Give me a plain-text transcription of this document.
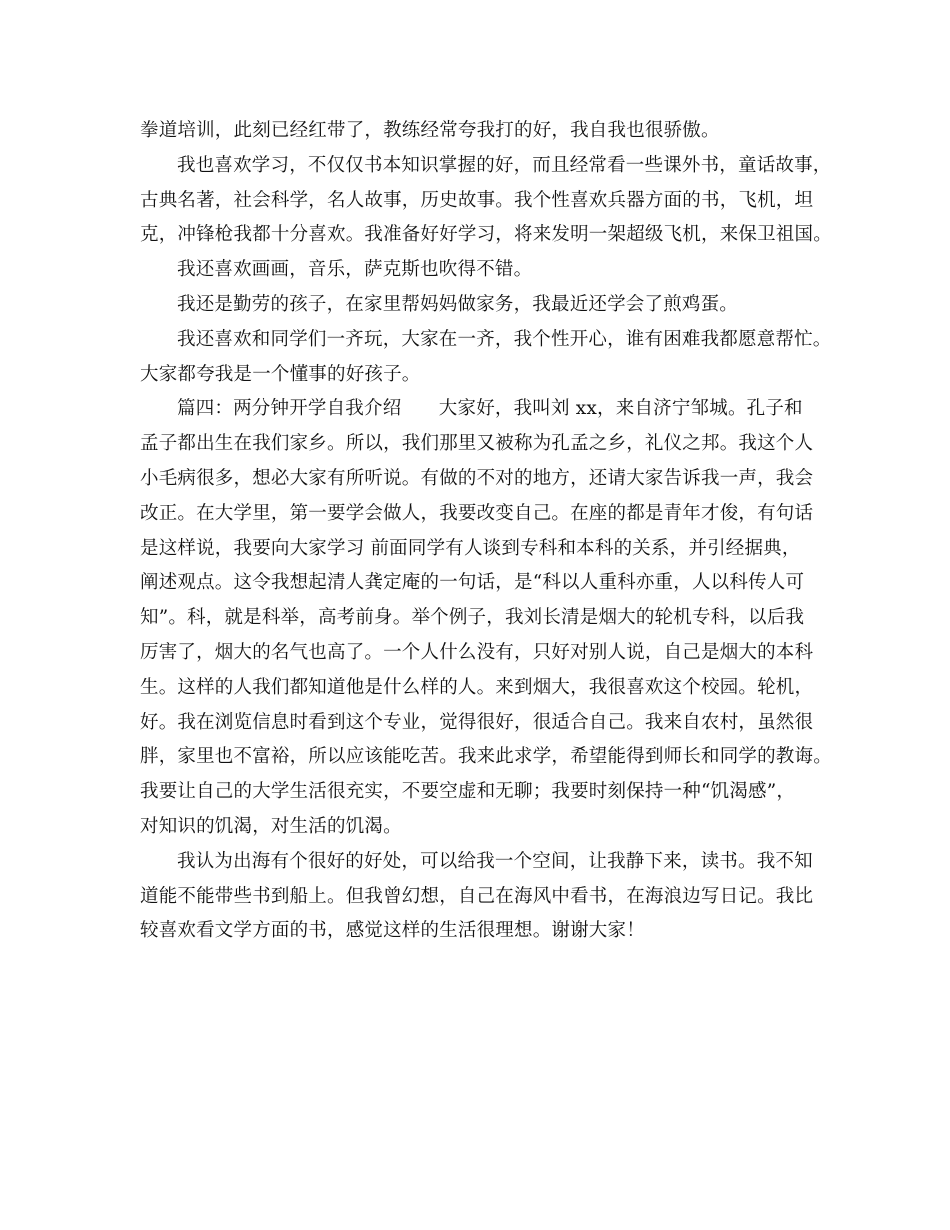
拳道培训，此刻已经红带了，教练经常夸我打的好，我自我也很骄傲。
我也喜欢学习，不仅仅书本知识掌握的好，而且经常看一些课外书，童话故事，
古典名著，社会科学，名人故事，历史故事。我个性喜欢兵器方面的书，飞机，坦
克，冲锋枪我都十分喜欢。我准备好好学习，将来发明一架超级飞机，来保卫祖国。
我还喜欢画画，音乐，萨克斯也吹得不错。
我还是勤劳的孩子，在家里帮妈妈做家务，我最近还学会了煎鸡蛋。
我还喜欢和同学们一齐玩，大家在一齐，我个性开心，谁有困难我都愿意帮忙。
大家都夸我是一个懂事的好孩子。
篇四：两分钟开学自我介绍　　大家好，我叫刘 xx，来自济宁邹城。孔子和
孟子都出生在我们家乡。所以，我们那里又被称为孔孟之乡，礼仪之邦。我这个人
小毛病很多，想必大家有所听说。有做的不对的地方，还请大家告诉我一声，我会
改正。在大学里，第一要学会做人，我要改变自己。在座的都是青年才俊，有句话
是这样说，我要向大家学习 前面同学有人谈到专科和本科的关系，并引经据典，
阐述观点。这令我想起清人龚定庵的一句话，是“科以人重科亦重，人以科传人可
知”。科，就是科举，高考前身。举个例子，我刘长清是烟大的轮机专科，以后我
厉害了，烟大的名气也高了。一个人什么没有，只好对别人说，自己是烟大的本科
生。这样的人我们都知道他是什么样的人。来到烟大，我很喜欢这个校园。轮机，
好。我在浏览信息时看到这个专业，觉得很好，很适合自己。我来自农村，虽然很
胖，家里也不富裕，所以应该能吃苦。我来此求学，希望能得到师长和同学的教诲。
我要让自己的大学生活很充实，不要空虚和无聊；我要时刻保持一种“饥渴感”，
对知识的饥渴，对生活的饥渴。
我认为出海有个很好的好处，可以给我一个空间，让我静下来，读书。我不知
道能不能带些书到船上。但我曾幻想，自己在海风中看书，在海浪边写日记。我比
较喜欢看文学方面的书，感觉这样的生活很理想。谢谢大家！
